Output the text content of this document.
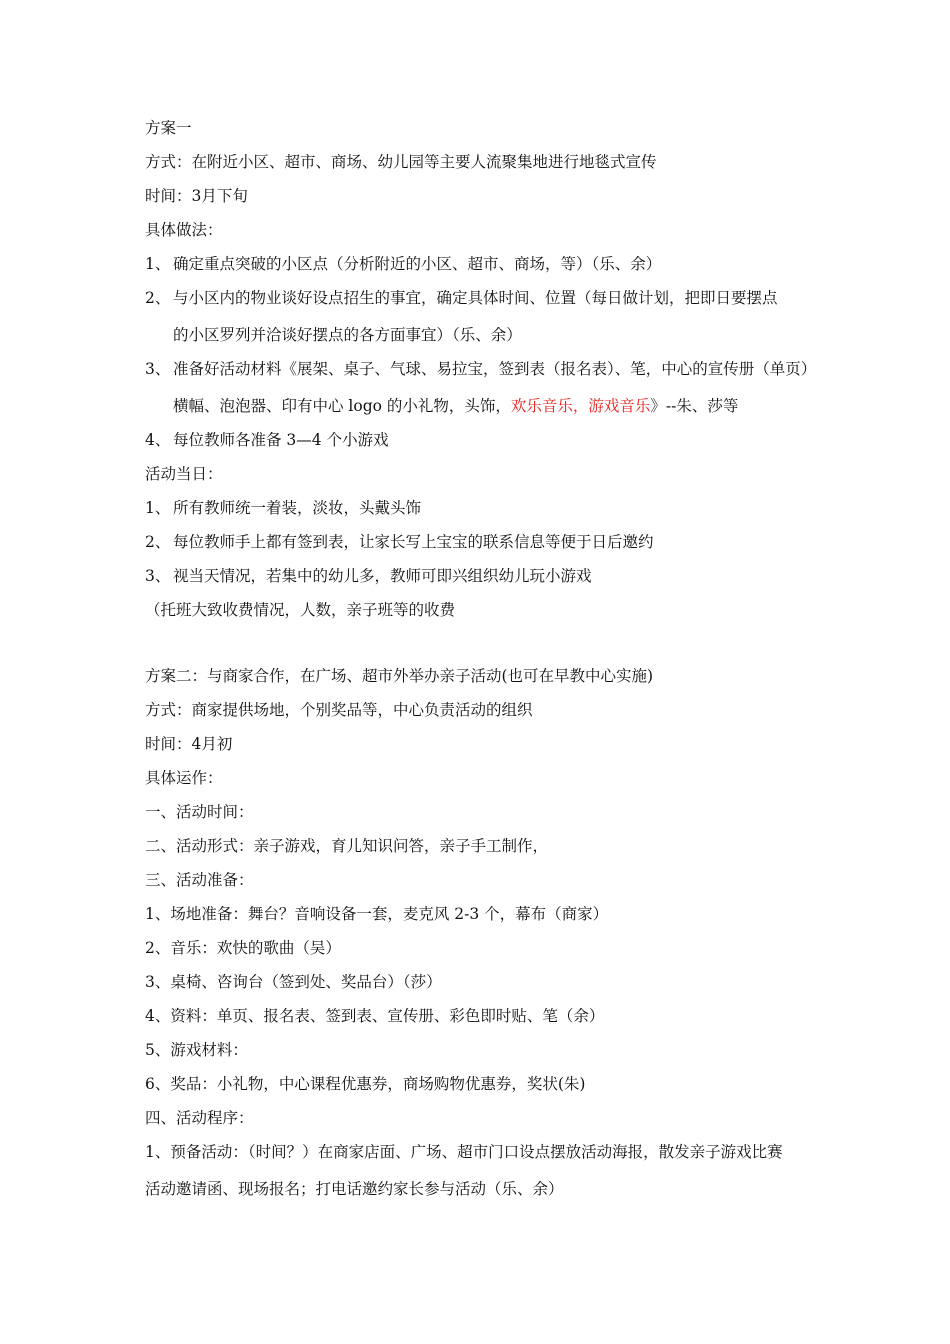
方案一
方式：在附近小区、超市、商场、幼儿园等主要人流聚集地进行地毯式宣传
时间：3月下旬
具体做法：
1、 确定重点突破的小区点（分析附近的小区、超市、商场，等）（乐、余）
2、 与小区内的物业谈好设点招生的事宜，确定具体时间、位置（每日做计划，把即日要摆点
的小区罗列并洽谈好摆点的各方面事宜）（乐、余）
3、 准备好活动材料《展架、桌子、气球、易拉宝，签到表（报名表）、笔，中心的宣传册（单页）
横幅、泡泡器、印有中心 logo 的小礼物，头饰，欢乐音乐，游戏音乐》--朱、莎等
4、 每位教师各准备 3—4 个小游戏
活动当日：
1、 所有教师统一着装，淡妆，头戴头饰
2、 每位教师手上都有签到表，让家长写上宝宝的联系信息等便于日后邀约
3、 视当天情况，若集中的幼儿多，教师可即兴组织幼儿玩小游戏
（托班大致收费情况，人数，亲子班等的收费
方案二：与商家合作，在广场、超市外举办亲子活动(也可在早教中心实施)
方式：商家提供场地，个别奖品等，中心负责活动的组织
时间：4月初
具体运作：
一、活动时间：
二、活动形式：亲子游戏，育儿知识问答，亲子手工制作，
三、活动准备：
1、场地准备：舞台？音响设备一套，麦克风 2-3 个，幕布（商家）
2、音乐：欢快的歌曲（吴）
3、桌椅、咨询台（签到处、奖品台）（莎）
4、资料：单页、报名表、签到表、宣传册、彩色即时贴、笔（余）
5、游戏材料：
6、奖品：小礼物，中心课程优惠券，商场购物优惠券，奖状(朱)
四、活动程序：
1、预备活动：（时间？）在商家店面、广场、超市门口设点摆放活动海报，散发亲子游戏比赛
活动邀请函、现场报名；打电话邀约家长参与活动（乐、余）
